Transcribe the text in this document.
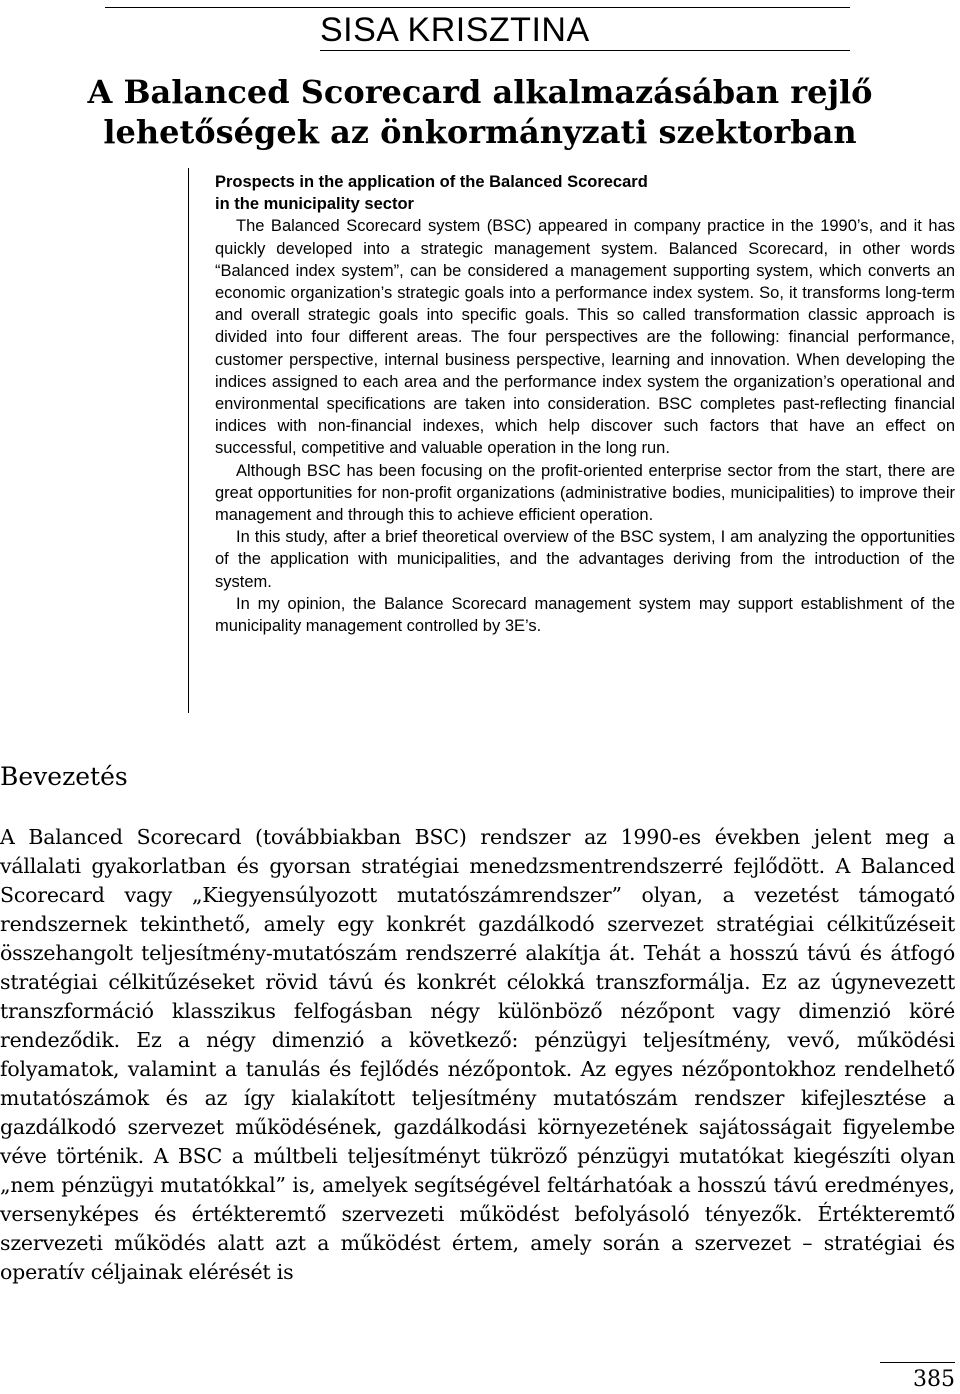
SISA KRISZTINA
A Balanced Scorecard alkalmazásában rejlő
lehetőségek az önkormányzati szektorban
Prospects in the application of the Balanced Scorecard
in the municipality sector

The Balanced Scorecard system (BSC) appeared in company practice in the 1990’s, and it has quickly developed into a strategic management system. Balanced Scorecard, in other words “Balanced index system”, can be considered a management supporting system, which converts an economic organization’s strategic goals into a performance index system. So, it transforms long-term and overall strategic goals into specific goals. This so called transformation classic approach is divided into four different areas. The four perspectives are the following: financial performance, customer perspective, internal business perspective, learning and innovation. When developing the indices assigned to each area and the performance index system the organization’s operational and environmental specifications are taken into consideration. BSC completes past-reflecting financial indices with non-financial indexes, which help discover such factors that have an effect on successful, competitive and valuable operation in the long run.

Although BSC has been focusing on the profit-oriented enterprise sector from the start, there are great opportunities for non-profit organizations (administrative bodies, municipalities) to improve their management and through this to achieve efficient operation.

In this study, after a brief theoretical overview of the BSC system, I am analyzing the opportunities of the application with municipalities, and the advantages deriving from the introduction of the system.

In my opinion, the Balance Scorecard management system may support establishment of the municipality management controlled by 3E’s.

Bevezetés

A Balanced Scorecard (továbbiakban BSC) rendszer az 1990-es években jelent meg a vállalati gyakorlatban és gyorsan stratégiai menedzsmentrendszerré fejlődött. A Balanced Scorecard vagy „Kiegyensúlyozott mutatószámrendszer” olyan, a vezetést támogató rendszernek tekinthető, amely egy konkrét gazdálkodó szervezet stratégiai célkitűzéseit összehangolt teljesítmény-mutatószám rendszerré alakítja át. Tehát a hosszú távú és átfogó stratégiai célkitűzéseket rövid távú és konkrét célokká transzformálja. Ez az úgynevezett transzformáció klasszikus felfogásban négy különböző nézőpont vagy dimenzió köré rendeződik. Ez a négy dimenzió a következő: pénzügyi teljesítmény, vevő, működési folyamatok, valamint a tanulás és fejlődés nézőpontok. Az egyes nézőpontokhoz rendelhető mutatószámok és az így kialakított teljesítmény mutatószám rendszer kifejlesztése a gazdálkodó szervezet működésének, gazdálkodási környezetének sajátosságait figyelembe véve történik. A BSC a múltbeli teljesítményt tükröző pénzügyi mutatókat kiegészíti olyan „nem pénzügyi mutatókkal” is, amelyek segítségével feltárhatóak a hosszú távú eredményes, versenyképes és értékteremtő szervezeti működést befolyásoló tényezők. Értékteremtő szervezeti működés alatt azt a működést értem, amely során a szervezet – stratégiai és operatív céljainak elérését is

385
